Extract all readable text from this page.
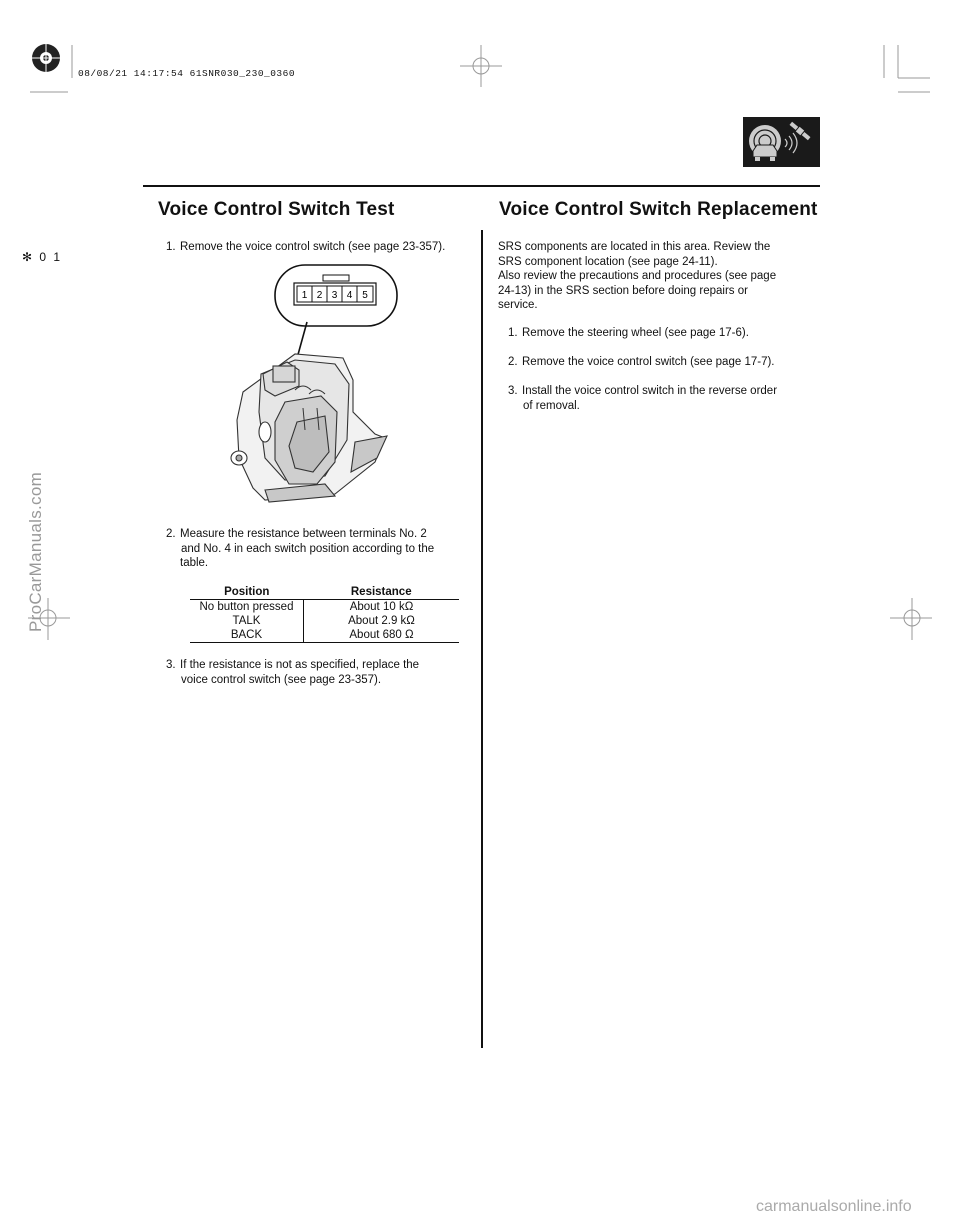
08/08/21 14:17:54 61SNR030_230_0360
✻ 0 1
Voice Control Switch Test
1. Remove the voice control switch (see page 23-357).
1 2 3 4 5
2. Measure the resistance between terminals No. 2
and No. 4 in each switch position according to the
table.
Position	Resistance
No button pressed	About 10 kΩ
TALK	About 2.9 kΩ
BACK	About 680 Ω
3. If the resistance is not as specified, replace the
voice control switch (see page 23-357).
Voice Control Switch Replacement
SRS components are located in this area. Review the
SRS component location (see page 24-11).
Also review the precautions and procedures (see page
24-13) in the SRS section before doing repairs or
service.
1. Remove the steering wheel (see page 17-6).
2. Remove the voice control switch (see page 17-7).
3. Install the voice control switch in the reverse order
of removal.
ProCarManuals.com
carmanualsonline.info
